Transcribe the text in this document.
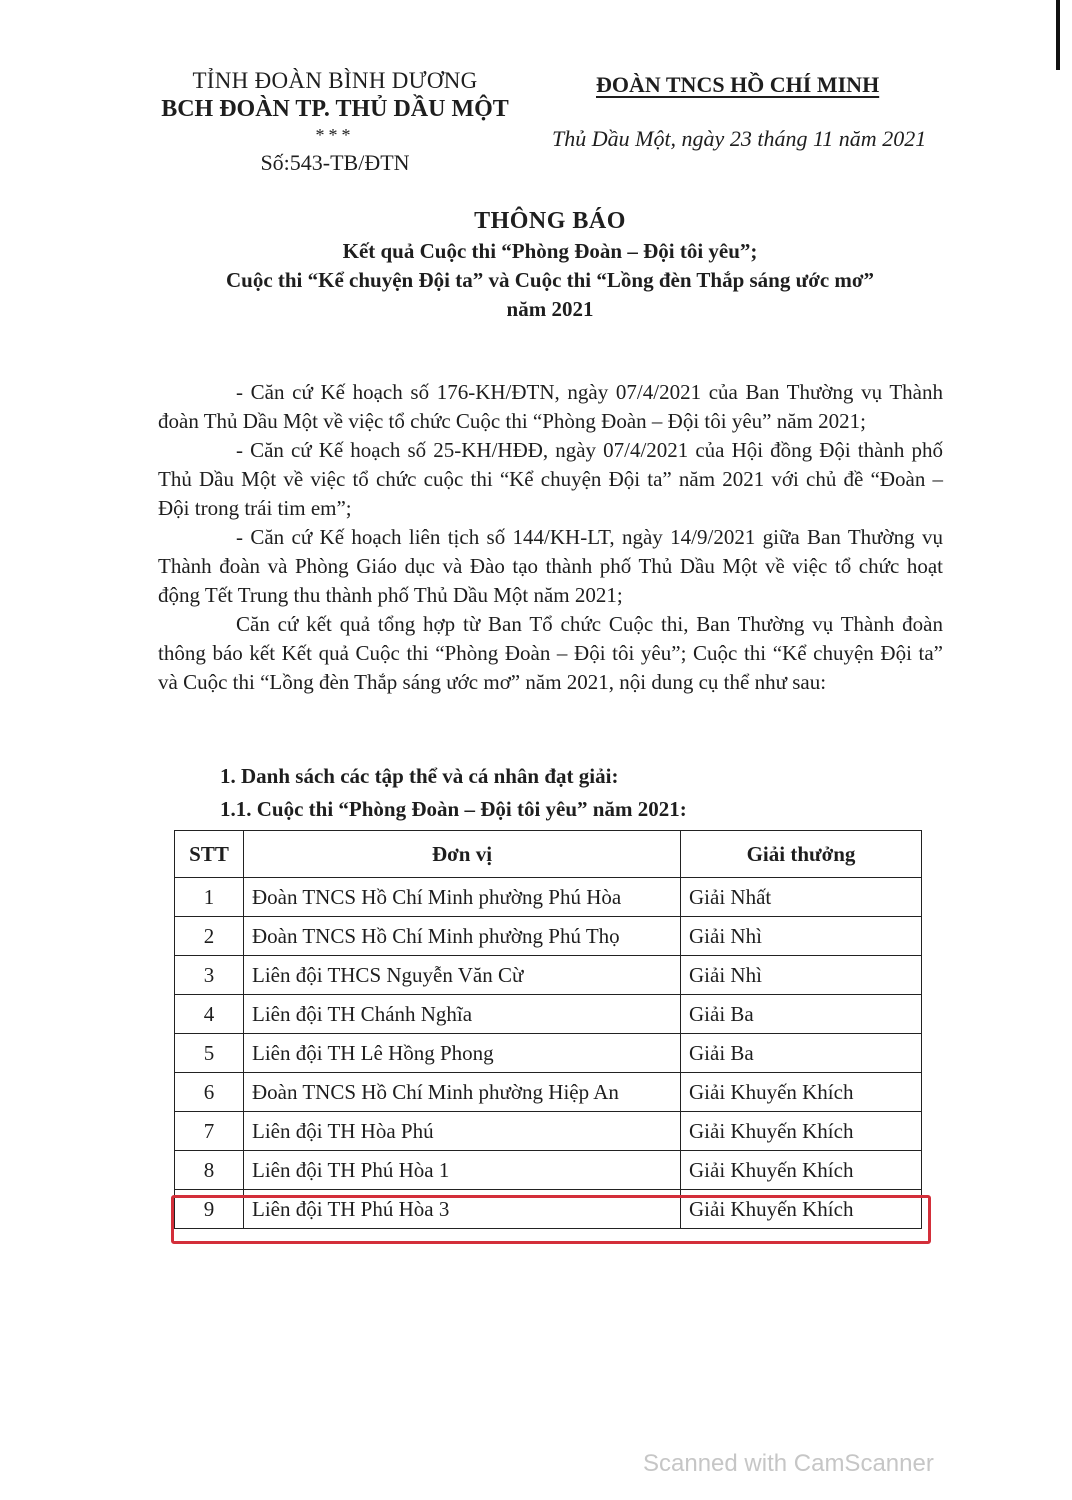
TỈNH ĐOÀN BÌNH DƯƠNG
BCH ĐOÀN TP. THỦ DẦU MỘT
***
Số:543-TB/ĐTN
ĐOÀN TNCS HỒ CHÍ MINH
Thủ Dầu Một, ngày 23 tháng 11 năm 2021
THÔNG BÁO
Kết quả Cuộc thi “Phòng Đoàn – Đội tôi yêu”;
Cuộc thi “Kể chuyện Đội ta” và Cuộc thi “Lồng đèn Thắp sáng ước mơ”
năm 2021

- Căn cứ Kế hoạch số 176-KH/ĐTN, ngày 07/4/2021 của Ban Thường vụ Thành đoàn Thủ Dầu Một về việc tổ chức Cuộc thi “Phòng Đoàn – Đội tôi yêu” năm 2021;

- Căn cứ Kế hoạch số 25-KH/HĐĐ, ngày 07/4/2021 của Hội đồng Đội thành phố Thủ Dầu Một về việc tổ chức cuộc thi “Kể chuyện Đội ta” năm 2021 với chủ đề “Đoàn – Đội trong trái tim em”;

- Căn cứ Kế hoạch liên tịch số 144/KH-LT, ngày 14/9/2021 giữa Ban Thường vụ Thành đoàn và Phòng Giáo dục và Đào tạo thành phố Thủ Dầu Một về việc tổ chức hoạt động Tết Trung thu thành phố Thủ Dầu Một năm 2021;

Căn cứ kết quả tổng hợp từ Ban Tổ chức Cuộc thi, Ban Thường vụ Thành đoàn thông báo kết Kết quả Cuộc thi “Phòng Đoàn – Đội tôi yêu”; Cuộc thi “Kể chuyện Đội ta” và Cuộc thi “Lồng đèn Thắp sáng ước mơ” năm 2021, nội dung cụ thể như sau:

1. Danh sách các tập thể và cá nhân đạt giải:
1.1. Cuộc thi “Phòng Đoàn – Đội tôi yêu” năm 2021:
STT	Đơn vị	Giải thưởng
1	Đoàn TNCS Hồ Chí Minh phường Phú Hòa	Giải Nhất
2	Đoàn TNCS Hồ Chí Minh phường Phú Thọ	Giải Nhì
3	Liên đội THCS Nguyễn Văn Cừ	Giải Nhì
4	Liên đội TH Chánh Nghĩa	Giải Ba
5	Liên đội TH Lê Hồng Phong	Giải Ba
6	Đoàn TNCS Hồ Chí Minh phường Hiệp An	Giải Khuyến Khích
7	Liên đội TH Hòa Phú	Giải Khuyến Khích
8	Liên đội TH Phú Hòa 1	Giải Khuyến Khích
9	Liên đội TH Phú Hòa 3	Giải Khuyến Khích
Scanned with CamScanner
